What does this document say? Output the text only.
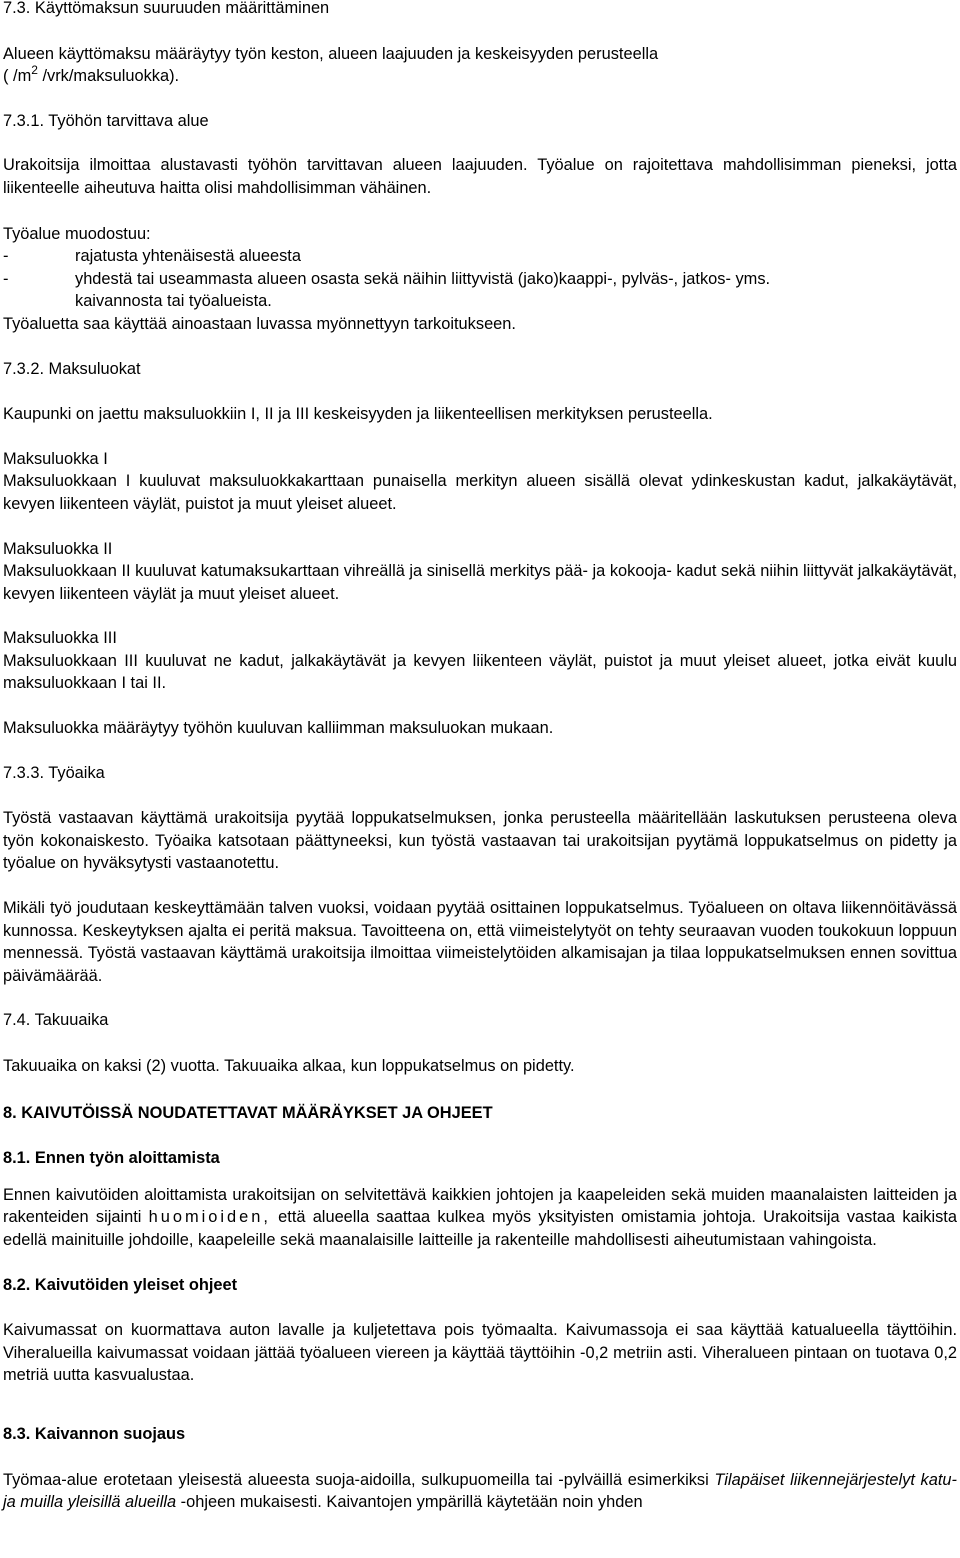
7.3. Käyttömaksun suuruuden määrittäminen

Alueen käyttömaksu määräytyy työn keston, alueen laajuuden ja keskeisyyden perusteella

( $/m^2$ /vrk/maksuluokka).

7.3.1. Työhön tarvittava alue

Urakoitsija ilmoittaa alustavasti työhön tarvittavan alueen laajuuden. Työalue on rajoitettava mahdollisimman pieneksi, jotta liikenteelle aiheutuva haitta olisi mahdollisimman vähäinen.

Työalue muodostuu:

-	rajatusta yhtenäisestä alueesta
-	yhdestä tai useammasta alueen osasta sekä näihin liittyvistä (jako)kaappi-, pylväs-, jatkos- yms.

kaivannosta tai työalueista.

Työaluetta saa käyttää ainoastaan luvassa myönnettyyn tarkoitukseen.

7.3.2. Maksuluokat

Kaupunki on jaettu maksuluokkiin I, II ja III keskeisyyden ja liikenteellisen merkityksen perusteella.

Maksuluokka I

Maksuluokkaan I kuuluvat maksuluokkakarttaan punaisella merkityn alueen sisällä olevat ydinkeskustan kadut, jalkakäytävät, kevyen liikenteen väylät, puistot ja muut yleiset alueet.

Maksuluokka II

Maksuluokkaan II kuuluvat katumaksukarttaan vihreällä ja sinisellä merkitys pää- ja kokooja- kadut sekä niihin liittyvät jalkakäytävät, kevyen liikenteen väylät ja muut yleiset alueet.

Maksuluokka III

Maksuluokkaan III kuuluvat ne kadut, jalkakäytävät ja kevyen liikenteen väylät, puistot ja muut yleiset alueet, jotka eivät kuulu maksuluokkaan I tai II.

Maksuluokka määräytyy työhön kuuluvan kalliimman maksuluokan mukaan.

7.3.3. Työaika

Työstä vastaavan käyttämä urakoitsija pyytää loppukatselmuksen, jonka perusteella määritellään laskutuksen perusteena oleva työn kokonaiskesto. Työaika katsotaan päättyneeksi, kun työstä vastaavan tai urakoitsijan pyytämä loppukatselmus on pidetty ja työalue on hyväksytysti vastaanotettu.

Mikäli työ joudutaan keskeyttämään talven vuoksi, voidaan pyytää osittainen loppukatselmus. Työalueen on oltava liikennöitävässä kunnossa. Keskeytyksen ajalta ei peritä maksua. Tavoitteena on, että viimeistelytyöt on tehty seuraavan vuoden toukokuun loppuun mennessä. Työstä vastaavan käyttämä urakoitsija ilmoittaa viimeistelytöiden alkamisajan ja tilaa loppukatselmuksen ennen sovittua päivämäärää.

7.4. Takuuaika

Takuuaika on kaksi (2) vuotta. Takuuaika alkaa, kun loppukatselmus on pidetty.

8. KAIVUTÖISSÄ NOUDATETTAVAT MÄÄRÄYKSET JA OHJEET

8.1. Ennen työn aloittamista

Ennen kaivutöiden aloittamista urakoitsijan on selvitettävä kaikkien johtojen ja kaapeleiden sekä muiden maanalaisten laitteiden ja rakenteiden sijainti huomioiden, että alueella saattaa kulkea myös yksityisten omistamia johtoja. Urakoitsija vastaa kaikista edellä mainituille johdoille, kaapeleille sekä maanalaisille laitteille ja rakenteille mahdollisesti aiheutumistaan vahingoista.

8.2. Kaivutöiden yleiset ohjeet

Kaivumassat on kuormattava auton lavalle ja kuljetettava pois työmaalta. Kaivumassoja ei saa käyttää katualueella täyttöihin. Viheralueilla kaivumassat voidaan jättää työalueen viereen ja käyttää täyttöihin -0,2 metriin asti. Viheralueen pintaan on tuotava 0,2 metriä uutta kasvualustaa.

8.3. Kaivannon suojaus

Työmaa-alue erotetaan yleisestä alueesta suoja-aidoilla, sulkupuomeilla tai -pylväillä esimerkiksi Tilapäiset liikennejärjestelyt katu- ja muilla yleisillä alueilla -ohjeen mukaisesti. Kaivantojen ympärillä käytetään noin yhden
